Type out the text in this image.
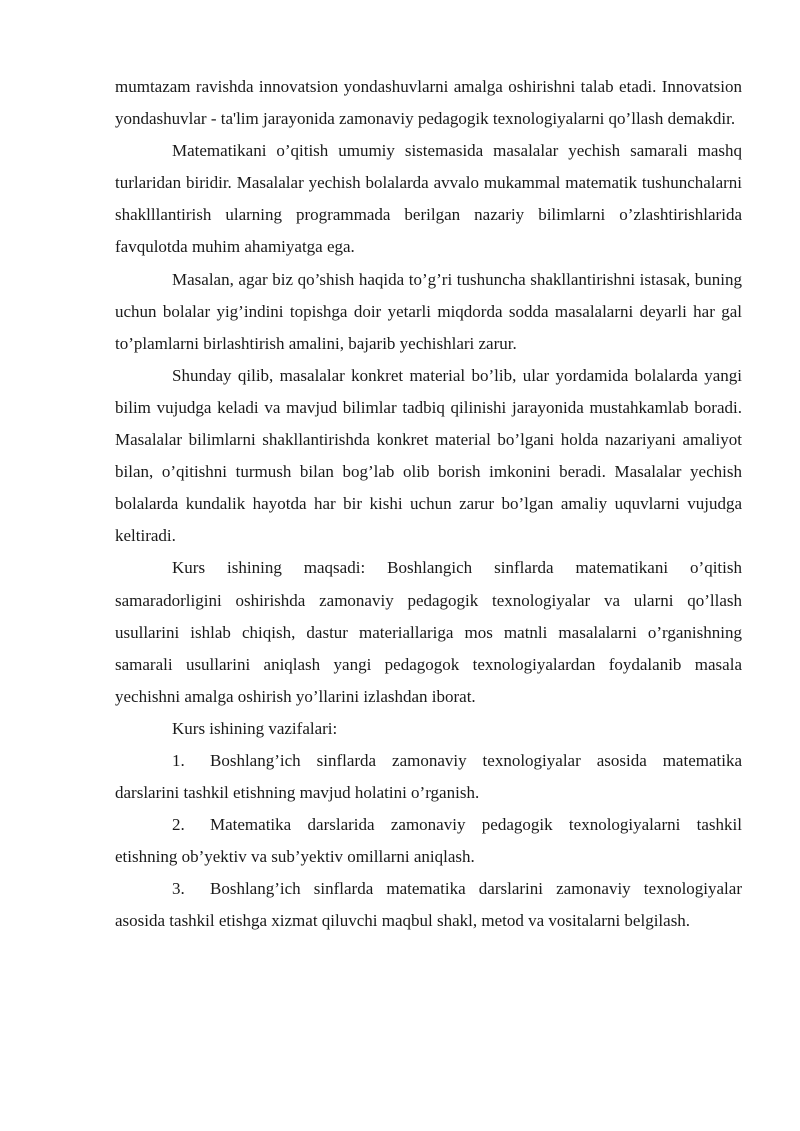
mumtazam ravishda innovatsion yondashuvlarni amalga oshirishni talab etadi. Innovatsion yondashuvlar - ta'lim jarayonida zamonaviy pedagogik texnologiyalarni qo’llash demakdir.

Matematikani o’qitish umumiy sistemasida masalalar yechish samarali mashq turlaridan biridir. Masalalar yechish bolalarda avvalo mukammal matematik tushunchalarni shaklllantirish ularning programmada berilgan nazariy bilimlarni o’zlashtirishlarida favqulotda muhim ahamiyatga ega.

Masalan, agar biz qo’shish haqida to’g’ri tushuncha shakllantirishni istasak, buning uchun bolalar yig’indini topishga doir yetarli miqdorda sodda masalalarni deyarli har gal to’plamlarni birlashtirish amalini, bajarib yechishlari zarur.

Shunday qilib, masalalar konkret material bo’lib, ular yordamida bolalarda yangi bilim vujudga keladi va mavjud bilimlar tadbiq qilinishi jarayonida mustahkamlab boradi. Masalalar bilimlarni shakllantirishda konkret material bo’lgani holda nazariyani amaliyot bilan, o’qitishni turmush bilan bog’lab olib borish imkonini beradi. Masalalar yechish bolalarda kundalik hayotda har bir kishi uchun zarur bo’lgan amaliy uquvlarni vujudga keltiradi.

Kurs ishining maqsadi: Boshlangich sinflarda matematikani o’qitish samaradorligini oshirishda zamonaviy pedagogik texnologiyalar va ularni qo’llash usullarini ishlab chiqish, dastur materiallariga mos matnli masalalarni o’rganishning samarali usullarini aniqlash yangi pedagogok texnologiyalardan foydalanib masala yechishni amalga oshirish yo’llarini izlashdan iborat.

Kurs ishining vazifalari:

1. Boshlang’ich sinflarda zamonaviy texnologiyalar asosida matematika darslarini tashkil etishning mavjud holatini o’rganish.

2. Matematika darslarida zamonaviy pedagogik texnologiyalarni tashkil etishning ob’yektiv va sub’yektiv omillarni aniqlash.

3. Boshlang’ich sinflarda matematika darslarini zamonaviy texnologiyalar asosida tashkil etishga xizmat qiluvchi maqbul shakl, metod va vositalarni belgilash.
